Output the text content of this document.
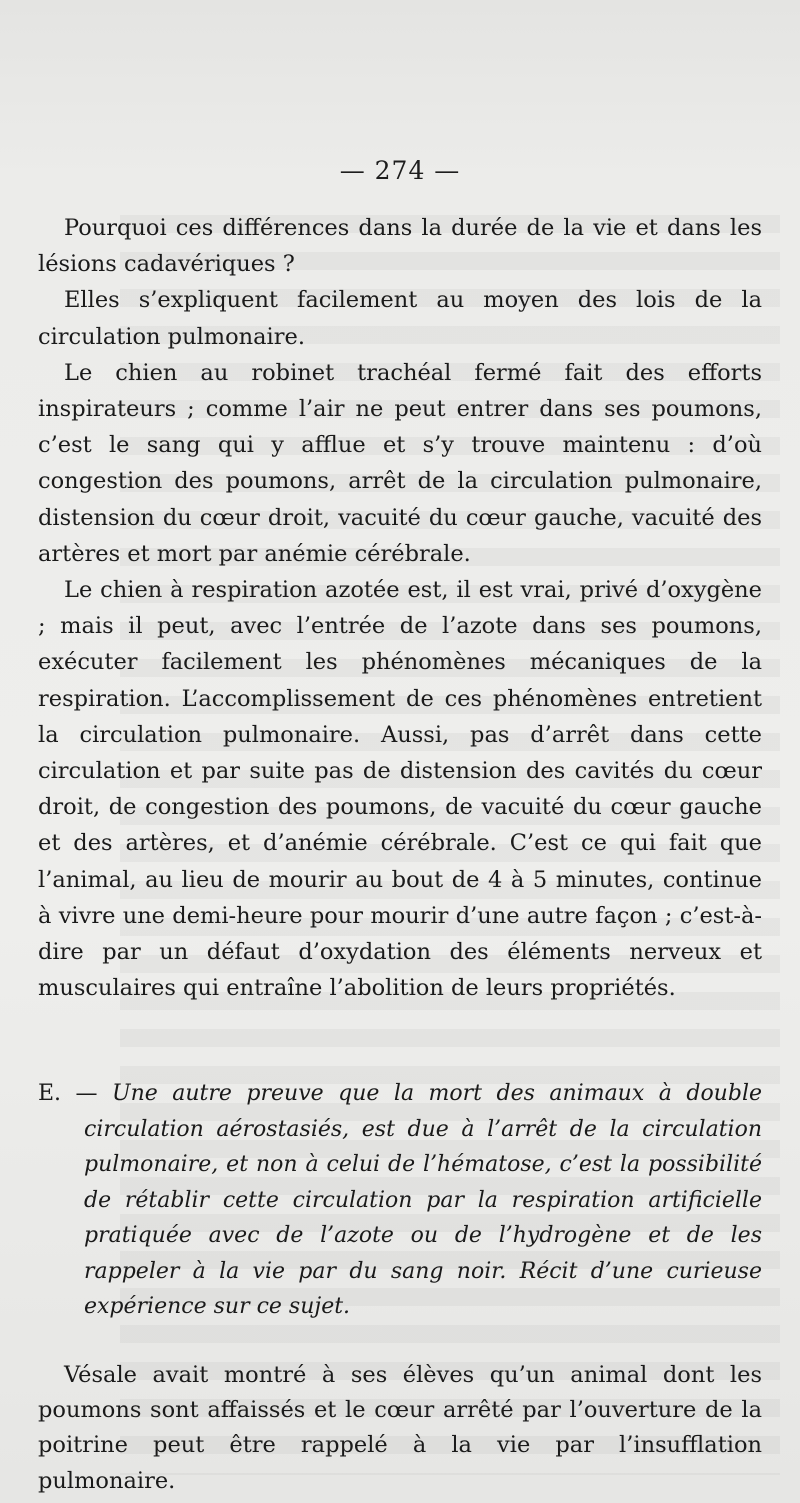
— 274 —

Pourquoi ces différences dans la durée de la vie et dans les lésions cadavériques ?

Elles s’expliquent facilement au moyen des lois de la circulation pulmonaire.

Le chien au robinet trachéal fermé fait des efforts inspirateurs ; comme l’air ne peut entrer dans ses poumons, c’est le sang qui y afflue et s’y trouve maintenu : d’où congestion des poumons, arrêt de la circulation pulmonaire, distension du cœur droit, vacuité du cœur gauche, vacuité des artères et mort par anémie cérébrale.

Le chien à respiration azotée est, il est vrai, privé d’oxygène ; mais il peut, avec l’entrée de l’azote dans ses poumons, exécuter facilement les phénomènes mécaniques de la respiration. L’accomplissement de ces phénomènes entretient la circulation pulmonaire. Aussi, pas d’arrêt dans cette circulation et par suite pas de distension des cavités du cœur droit, de congestion des poumons, de vacuité du cœur gauche et des artères, et d’anémie cérébrale. C’est ce qui fait que l’animal, au lieu de mourir au bout de 4 à 5 minutes, continue à vivre une demi-heure pour mourir d’une autre façon ; c’est-à-dire par un défaut d’oxydation des éléments nerveux et musculaires qui entraîne l’abolition de leurs propriétés.

E. — Une autre preuve que la mort des animaux à double circulation aérostasiés, est due à l’arrêt de la circulation pulmonaire, et non à celui de l’hématose, c’est la possibilité de rétablir cette circulation par la respiration artificielle pratiquée avec de l’azote ou de l’hydrogène et de les rappeler à la vie par du sang noir. Récit d’une curieuse expérience sur ce sujet.

Vésale avait montré à ses élèves qu’un animal dont les poumons sont affaissés et le cœur arrêté par l’ouverture de la poitrine peut être rappelé à la vie par l’insufflation pulmonaire.
